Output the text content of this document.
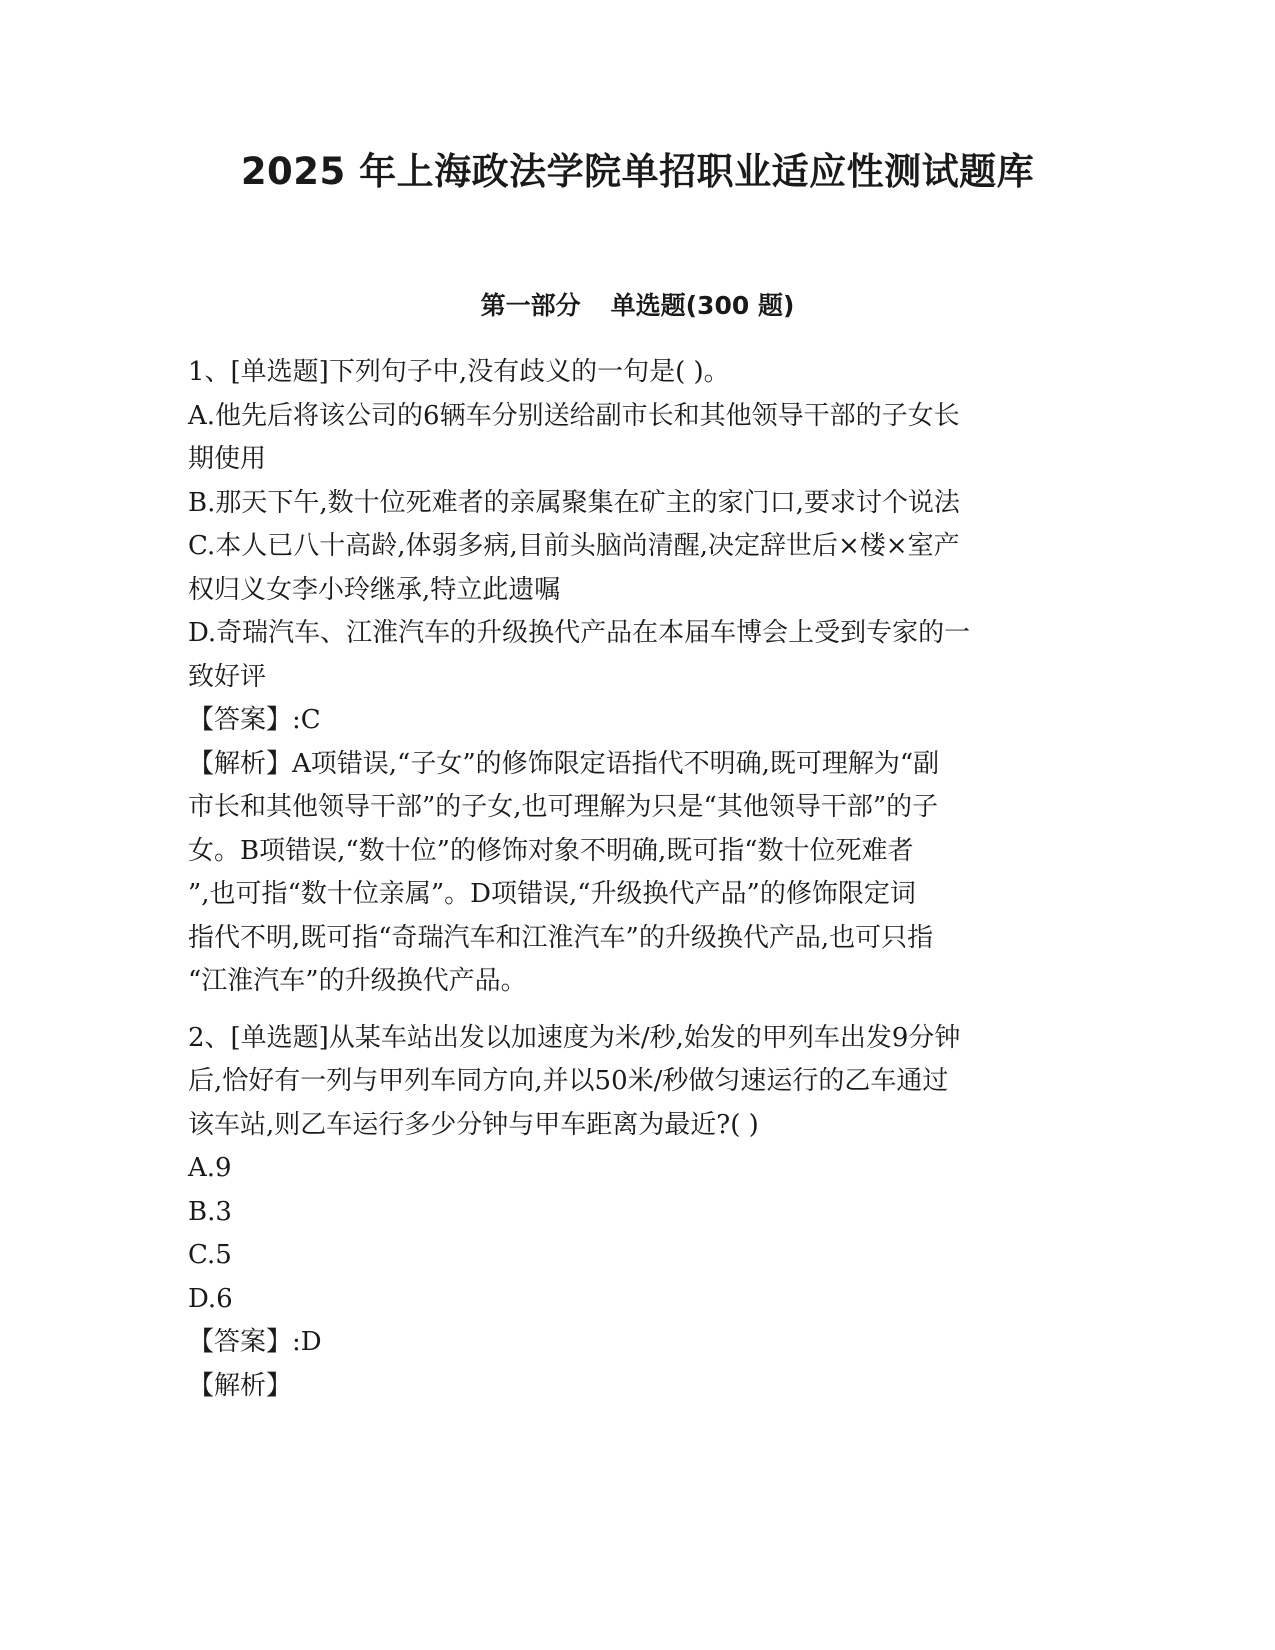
2025 年上海政法学院单招职业适应性测试题库
第一部分 单选题(300 题)
1、[单选题]下列句子中,没有歧义的一句是( )。
A.他先后将该公司的6辆车分别送给副市长和其他领导干部的子女长
期使用
B.那天下午,数十位死难者的亲属聚集在矿主的家门口,要求讨个说法
C.本人已八十高龄,体弱多病,目前头脑尚清醒,决定辞世后×楼×室产
权归义女李小玲继承,特立此遗嘱
D.奇瑞汽车、江淮汽车的升级换代产品在本届车博会上受到专家的一
致好评
【答案】:C
【解析】A项错误,“子女”的修饰限定语指代不明确,既可理解为“副
市长和其他领导干部”的子女,也可理解为只是“其他领导干部”的子
女。B项错误,“数十位”的修饰对象不明确,既可指“数十位死难者
”,也可指“数十位亲属”。D项错误,“升级换代产品”的修饰限定词
指代不明,既可指“奇瑞汽车和江淮汽车”的升级换代产品,也可只指
“江淮汽车”的升级换代产品。
2、[单选题]从某车站出发以加速度为米/秒,始发的甲列车出发9分钟
后,恰好有一列与甲列车同方向,并以50米/秒做匀速运行的乙车通过
该车站,则乙车运行多少分钟与甲车距离为最近?( )
A.9
B.3
C.5
D.6
【答案】:D
【解析】
